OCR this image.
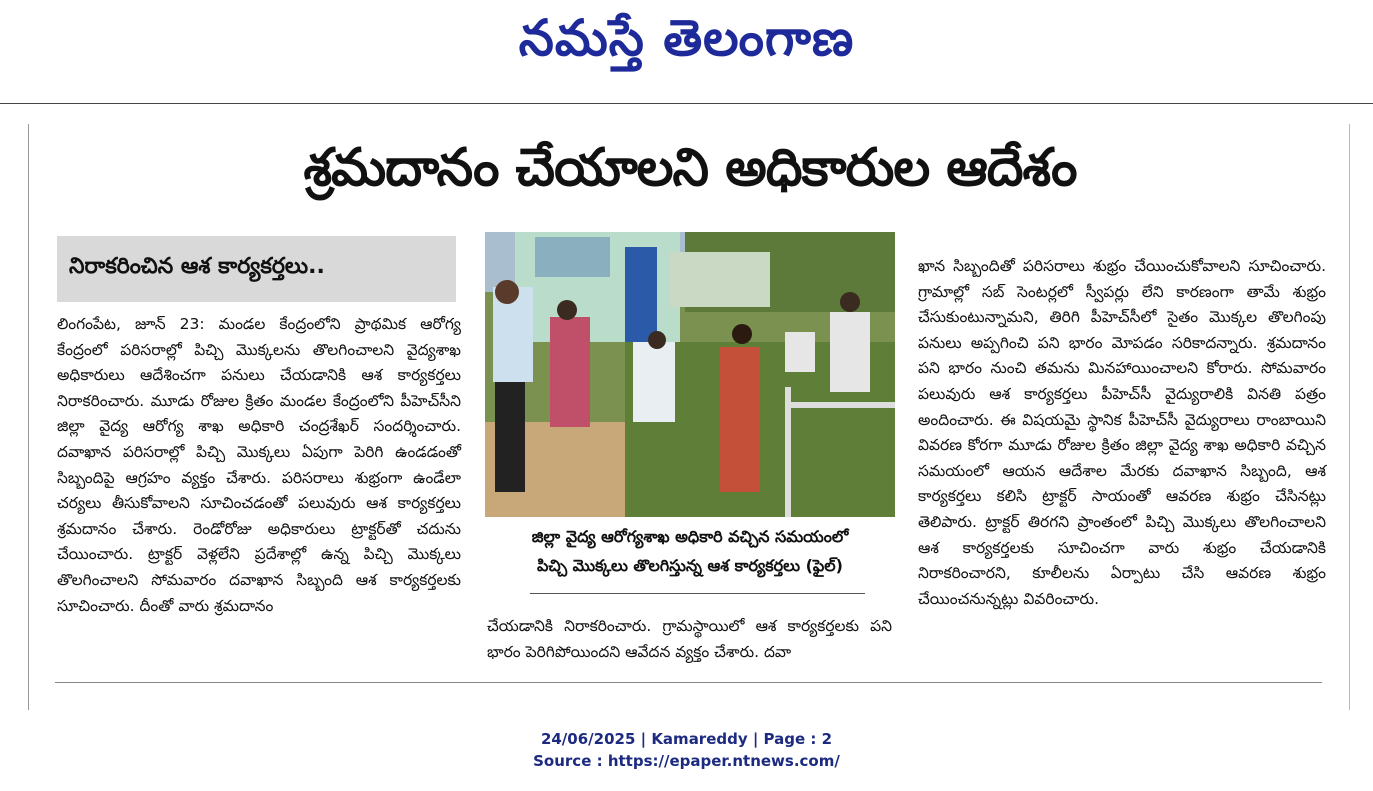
నమస్తే తెలంగాణ
శ్రమదానం చేయాలని అధికారుల ఆదేశం
నిరాకరించిన ఆశ కార్యకర్తలు..
లింగంపేట, జూన్ 23: మండల కేంద్రంలోని ప్రాథమిక ఆరోగ్య కేంద్రంలో పరిసరాల్లో పిచ్చి మొక్కలను తొలగించాలని వైద్యశాఖ అధికారులు ఆదేశించగా పనులు చేయడానికి ఆశ కార్యకర్తలు నిరాకరించారు. మూడు రోజుల క్రితం మండల కేంద్రంలోని పీహెచ్‌సీని జిల్లా వైద్య ఆరోగ్య శాఖ అధికారి చంద్రశేఖర్ సందర్శించారు. దవాఖాన పరిసరాల్లో పిచ్చి మొక్కలు ఏపుగా పెరిగి ఉండడంతో సిబ్బందిపై ఆగ్రహం వ్యక్తం చేశారు. పరిసరాలు శుభ్రంగా ఉండేలా చర్యలు తీసుకోవాలని సూచించడంతో పలువురు ఆశ కార్యకర్తలు శ్రమదానం చేశారు. రెండోరోజు అధికారులు ట్రాక్టర్‌తో చదును చేయించారు. ట్రాక్టర్ వెళ్లలేని ప్రదేశాల్లో ఉన్న పిచ్చి మొక్కలు తొలగించాలని సోమవారం దవాఖాన సిబ్బంది ఆశ కార్యకర్తలకు సూచించారు. దీంతో వారు శ్రమదానం
జిల్లా వైద్య ఆరోగ్యశాఖ అధికారి వచ్చిన సమయంలో
పిచ్చి మొక్కలు తొలగిస్తున్న ఆశ కార్యకర్తలు (ఫైల్)
చేయడానికి నిరాకరించారు. గ్రామస్థాయిలో ఆశ కార్యకర్తలకు పని భారం పెరిగిపోయిందని ఆవేదన వ్యక్తం చేశారు. దవా
ఖాన సిబ్బందితో పరిసరాలు శుభ్రం చేయించుకోవాలని సూచించారు. గ్రామాల్లో సబ్ సెంటర్లలో స్వీపర్లు లేని కారణంగా తామే శుభ్రం చేసుకుంటున్నామని, తిరిగి పీహెచ్‌సీలో సైతం మొక్కల తొలగింపు పనులు అప్పగించి పని భారం మోపడం సరికాదన్నారు. శ్రమదానం పని భారం నుంచి తమను మినహాయించాలని కోరారు. సోమవారం పలువురు ఆశ కార్యకర్తలు పీహెచ్‌సీ వైద్యురాలికి వినతి పత్రం అందించారు. ఈ విషయమై స్థానిక పీహెచ్‌సీ వైద్యురాలు రాంబాయిని వివరణ కోరగా మూడు రోజుల క్రితం జిల్లా వైద్య శాఖ అధికారి వచ్చిన సమయంలో ఆయన ఆదేశాల మేరకు దవాఖాన సిబ్బంది, ఆశ కార్యకర్తలు కలిసి ట్రాక్టర్ సాయంతో ఆవరణ శుభ్రం చేసినట్లు తెలిపారు. ట్రాక్టర్ తిరగని ప్రాంతంలో పిచ్చి మొక్కలు తొలగించాలని ఆశ కార్యకర్తలకు సూచించగా వారు శుభ్రం చేయడానికి నిరాకరించారని, కూలీలను ఏర్పాటు చేసి ఆవరణ శుభ్రం చేయించనున్నట్లు వివరించారు.
24/06/2025 | Kamareddy | Page : 2
Source : https://epaper.ntnews.com/
